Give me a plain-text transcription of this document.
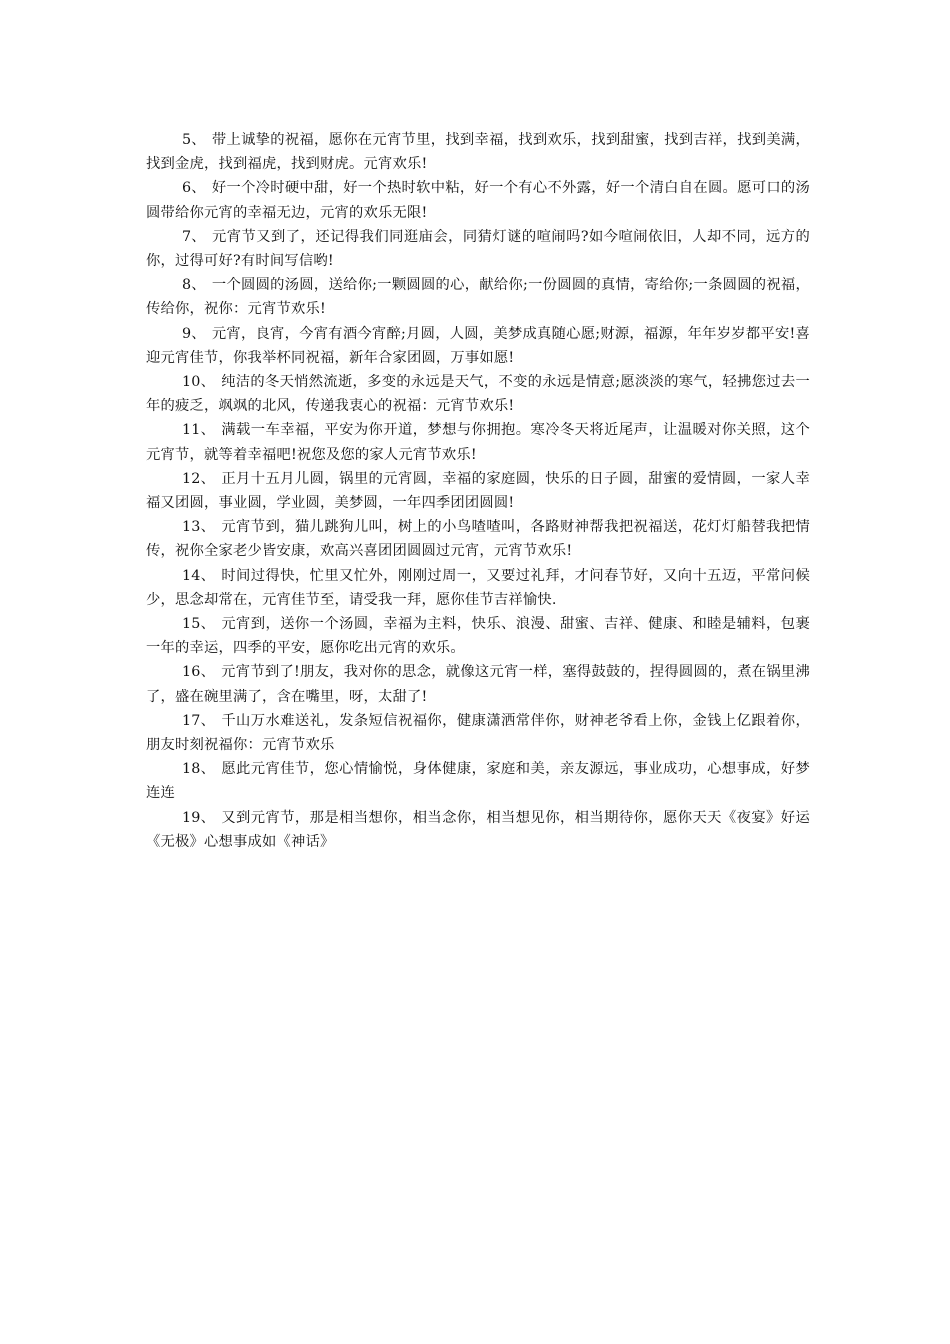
5、 带上诚挚的祝福，愿你在元宵节里，找到幸福，找到欢乐，找到甜蜜，找到吉祥，找到美满，找到金虎，找到福虎，找到财虎。元宵欢乐!

6、 好一个冷时硬中甜，好一个热时软中粘，好一个有心不外露，好一个清白自在圆。愿可口的汤圆带给你元宵的幸福无边，元宵的欢乐无限!

7、 元宵节又到了，还记得我们同逛庙会，同猜灯谜的喧闹吗?如今喧闹依旧，人却不同，远方的你，过得可好?有时间写信哟!

8、 一个圆圆的汤圆，送给你;一颗圆圆的心，献给你;一份圆圆的真情，寄给你;一条圆圆的祝福，传给你，祝你：元宵节欢乐!

9、 元宵，良宵，今宵有酒今宵醉;月圆，人圆，美梦成真随心愿;财源，福源，年年岁岁都平安!喜迎元宵佳节，你我举杯同祝福，新年合家团圆，万事如愿!

10、 纯洁的冬天悄然流逝，多变的永远是天气，不变的永远是情意;愿淡淡的寒气，轻拂您过去一年的疲乏，飒飒的北风，传递我衷心的祝福：元宵节欢乐!

11、 满载一车幸福，平安为你开道，梦想与你拥抱。寒冷冬天将近尾声，让温暖对你关照，这个元宵节，就等着幸福吧!祝您及您的家人元宵节欢乐!

12、 正月十五月儿圆，锅里的元宵圆，幸福的家庭圆，快乐的日子圆，甜蜜的爱情圆，一家人幸福又团圆，事业圆，学业圆，美梦圆，一年四季团团圆圆!

13、 元宵节到，猫儿跳狗儿叫，树上的小鸟喳喳叫，各路财神帮我把祝福送，花灯灯船替我把情传，祝你全家老少皆安康，欢高兴喜团团圆圆过元宵，元宵节欢乐!

14、 时间过得快，忙里又忙外，刚刚过周一，又要过礼拜，才问春节好，又向十五迈，平常问候少，思念却常在，元宵佳节至，请受我一拜，愿你佳节吉祥愉快.

15、 元宵到，送你一个汤圆，幸福为主料，快乐、浪漫、甜蜜、吉祥、健康、和睦是辅料，包裹一年的幸运，四季的平安，愿你吃出元宵的欢乐。

16、 元宵节到了!朋友，我对你的思念，就像这元宵一样，塞得鼓鼓的，捏得圆圆的，煮在锅里沸了，盛在碗里满了，含在嘴里，呀，太甜了!

17、 千山万水难送礼，发条短信祝福你，健康潇洒常伴你，财神老爷看上你，金钱上亿跟着你，朋友时刻祝福你：元宵节欢乐

18、 愿此元宵佳节，您心情愉悦，身体健康，家庭和美，亲友源远，事业成功，心想事成，好梦连连

19、 又到元宵节，那是相当想你，相当念你，相当想见你，相当期待你，愿你天天《夜宴》好运《无极》心想事成如《神话》
